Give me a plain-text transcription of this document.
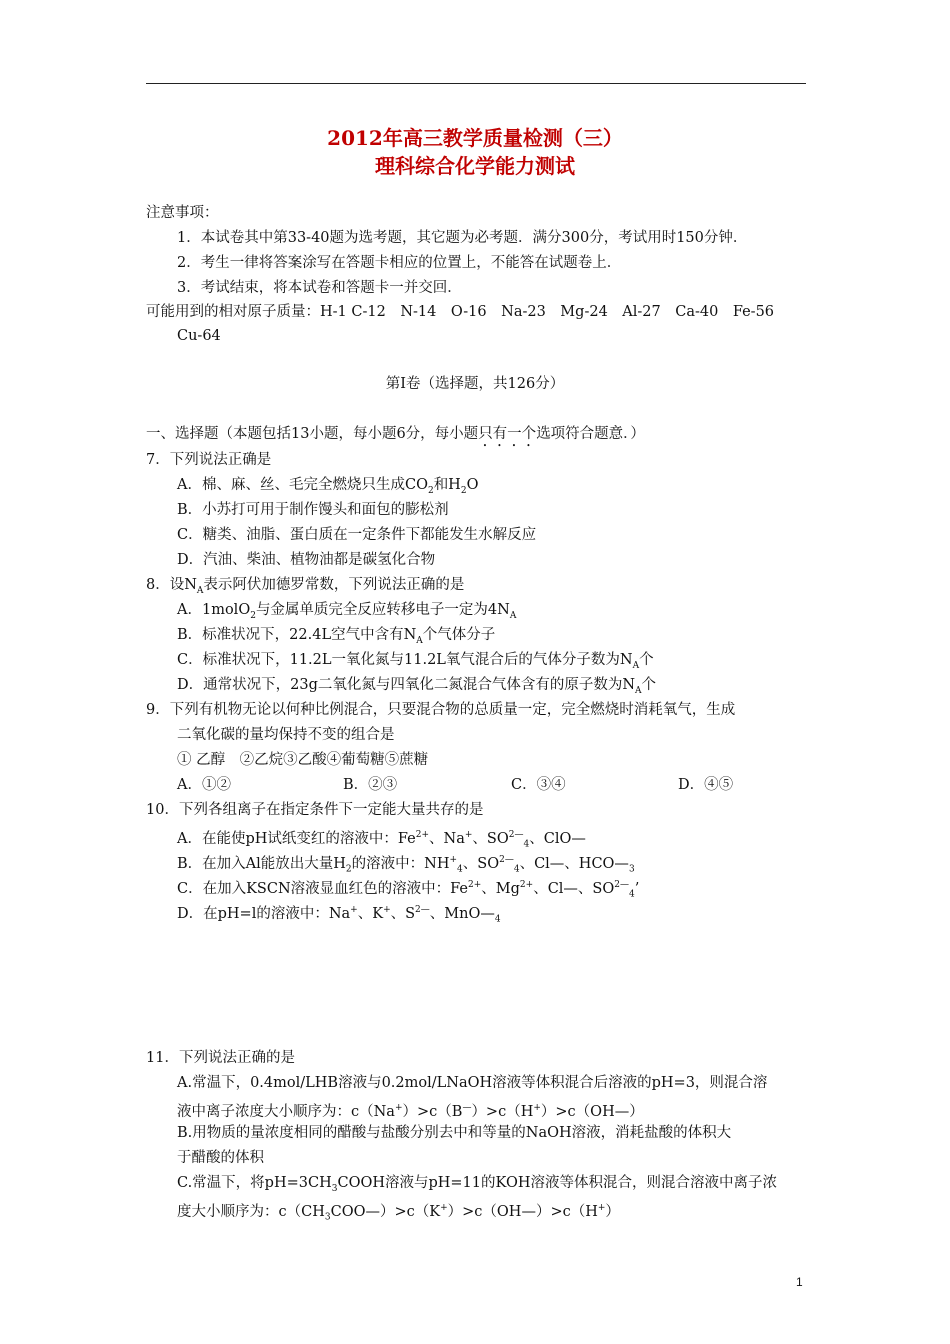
2012年高三教学质量检测（三）
理科综合化学能力测试
注意事项：
1．本试卷其中第33-40题为选考题，其它题为必考题．满分300分，考试用时150分钟．
2．考生一律将答案涂写在答题卡相应的位置上，不能答在试题卷上．
3．考试结束，将本试卷和答题卡一并交回．
可能用到的相对原子质量：H-1 C-12　N-14　O-16　Na-23　Mg-24　Al-27　Ca-40　Fe-56
Cu-64
第Ⅰ卷（选择题，共126分）
一、选择题（本题包括13小题，每小题6分，每小题只有一个选项符合题意．）
7．下列说法正确是
A．棉、麻、丝、毛完全燃烧只生成$CO_2$和$H_2O$
B．小苏打可用于制作馒头和面包的膨松剂
C．糖类、油脂、蛋白质在一定条件下都能发生水解反应
D．汽油、柴油、植物油都是碳氢化合物
8．设$N_A$表示阿伏加德罗常数，下列说法正确的是
A．1molO$_2$与金属单质完全反应转移电子一定为$4N_A$
B．标准状况下，22.4L空气中含有$N_A$个气体分子
C．标准状况下，11.2L一氧化氮与11.2L氧气混合后的气体分子数为$N_A$个
D．通常状况下，23g二氧化氮与四氧化二氮混合气体含有的原子数为$N_A$个
9．下列有机物无论以何种比例混合，只要混合物的总质量一定，完全燃烧时消耗氧气，生成
二氧化碳的量均保持不变的组合是
① 乙醇　②乙烷③乙酸④葡萄糖⑤蔗糖
A．①②	B．②③	C．③④	D．④⑤
10．下列各组离子在指定条件下一定能大量共存的是
A．在能使pH试纸变红的溶液中：$Fe^{2+}$、Na+、$SO^{2—}_4$、ClO—
B．在加入Al能放出大量$H_2$的溶液中：$NH^+_4$、$SO^{2—}_4$、Cl—、$HCO—_3$
C．在加入KSCN溶液显血红色的溶液中：$Fe^{2+}$、$Mg^{2+}$、Cl—、$SO^{2—}_4$’
D．在pH=l的溶液中：Na+、K+、$S^{2—}$、$MnO—_4$
11．下列说法正确的是
A.常温下，0.4mol/LHB溶液与0.2mol/LNaOH溶液等体积混合后溶液的pH=3，则混合溶
液中离子浓度大小顺序为：c（Na+）>c（B—）>c（H+）>c（OH—）
B.用物质的量浓度相同的醋酸与盐酸分别去中和等量的NaOH溶液，消耗盐酸的体积大
于醋酸的体积
C.常温下，将$pH=3CH_3COOH$溶液与pH=11的KOH溶液等体积混合，则混合溶液中离子浓
度大小顺序为：$c(CH_3COO—)>c(K^+)>c(OH—)>c(H^+)$
1
